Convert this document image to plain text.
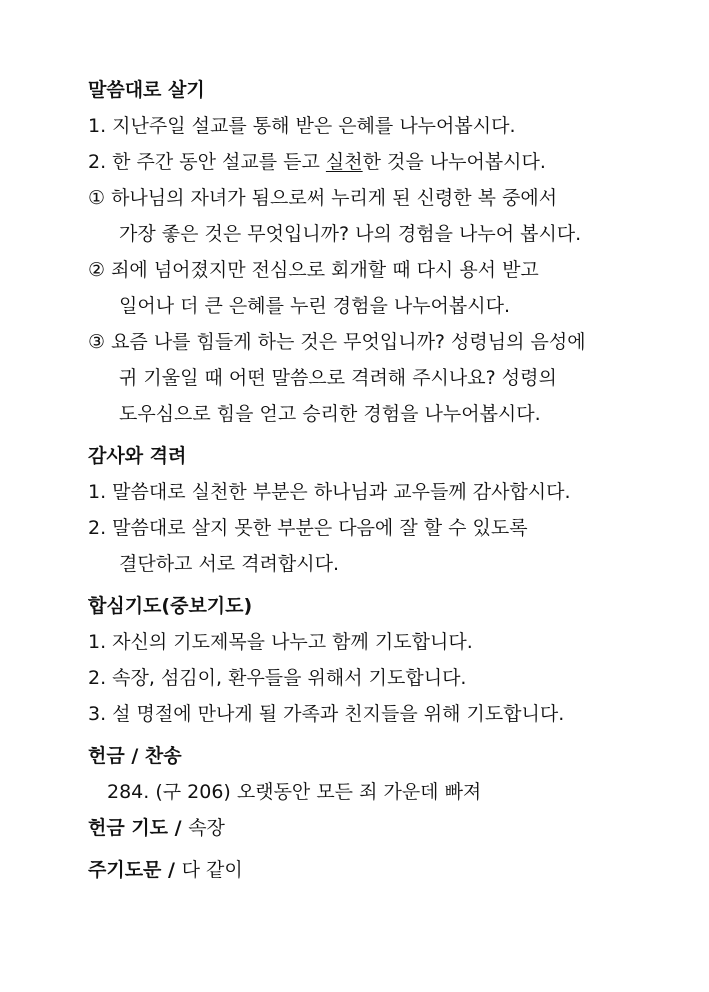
말씀대로 살기
1. 지난주일 설교를 통해 받은 은혜를 나누어봅시다.
2. 한 주간 동안 설교를 듣고 실천한 것을 나누어봅시다.
① 하나님의 자녀가 됨으로써 누리게 된 신령한 복 중에서
가장 좋은 것은 무엇입니까? 나의 경험을 나누어 봅시다.
② 죄에 넘어졌지만 전심으로 회개할 때 다시 용서 받고
일어나 더 큰 은혜를 누린 경험을 나누어봅시다.
③ 요즘 나를 힘들게 하는 것은 무엇입니까? 성령님의 음성에
귀 기울일 때 어떤 말씀으로 격려해 주시나요? 성령의
도우심으로 힘을 얻고 승리한 경험을 나누어봅시다.
감사와 격려
1. 말씀대로 실천한 부분은 하나님과 교우들께 감사합시다.
2. 말씀대로 살지 못한 부분은 다음에 잘 할 수 있도록
결단하고 서로 격려합시다.
합심기도(중보기도)
1. 자신의 기도제목을 나누고 함께 기도합니다.
2. 속장, 섬김이, 환우들을 위해서 기도합니다.
3. 설 명절에 만나게 될 가족과 친지들을 위해 기도합니다.
헌금 / 찬송
284. (구 206) 오랫동안 모든 죄 가운데 빠져
헌금 기도 / 속장
주기도문 / 다 같이
